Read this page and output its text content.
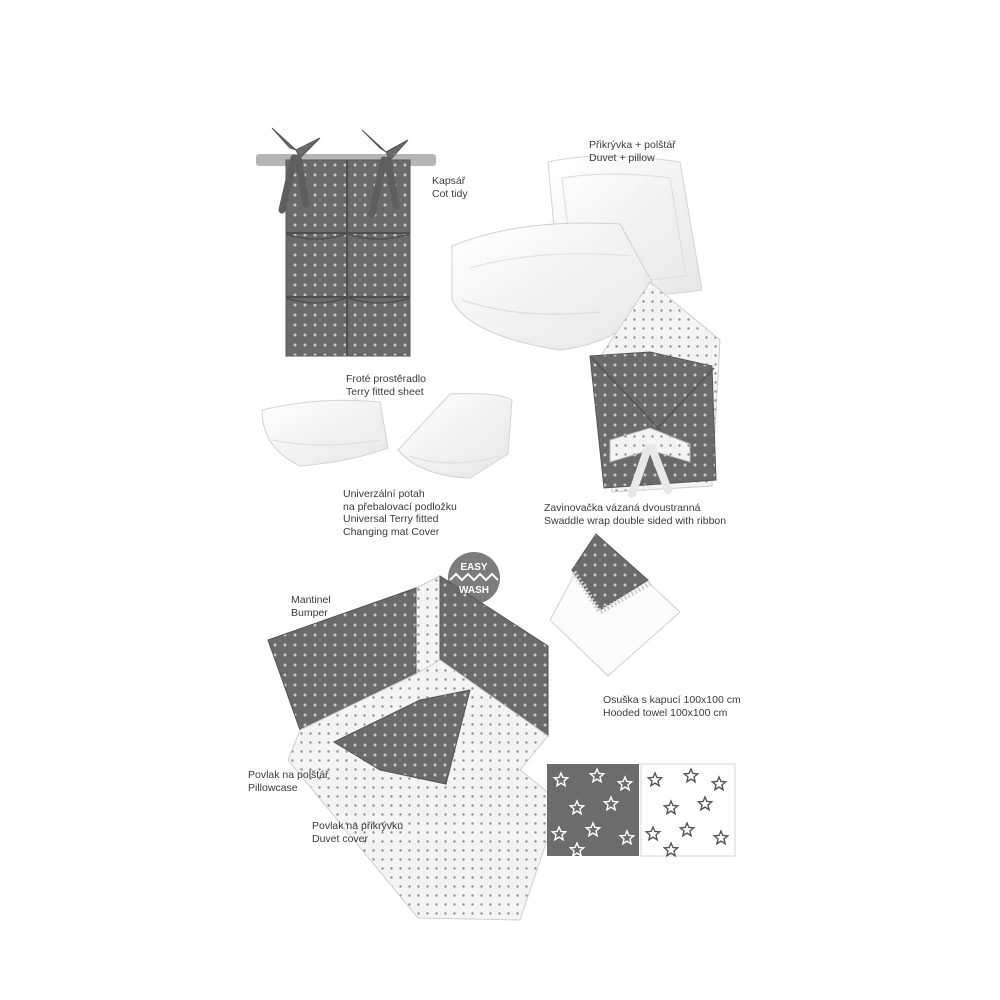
EASY
WASH
Kapsář
Cot tidy
Přikrývka + polštář
Duvet + pillow
Froté prostěradlo
Terry fitted sheet
Univerzální potah
na přebalovací podložku
Universal Terry fitted
Changing mat Cover
Zavinovačka vázaná dvoustranná
Swaddle wrap double sided with ribbon
Mantinel
Bumper
Osuška s kapucí 100x100 cm
Hooded towel 100x100 cm
Povlak na polštář
Pillowcase
Povlak na přikrývku
Duvet cover
